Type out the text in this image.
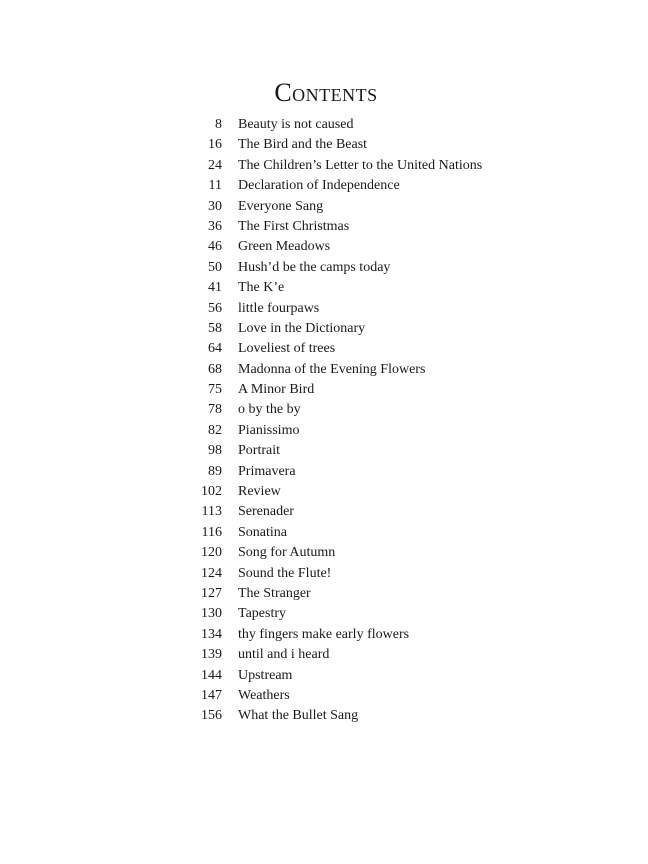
Contents
8	Beauty is not caused
16	The Bird and the Beast
24	The Children’s Letter to the United Nations
11	Declaration of Independence
30	Everyone Sang
36	The First Christmas
46	Green Meadows
50	Hush’d be the camps today
41	The K’e
56	little fourpaws
58	Love in the Dictionary
64	Loveliest of trees
68	Madonna of the Evening Flowers
75	A Minor Bird
78	o by the by
82	Pianissimo
98	Portrait
89	Primavera
102	Review
113	Serenader
116	Sonatina
120	Song for Autumn
124	Sound the Flute!
127	The Stranger
130	Tapestry
134	thy fingers make early flowers
139	until and i heard
144	Upstream
147	Weathers
156	What the Bullet Sang
